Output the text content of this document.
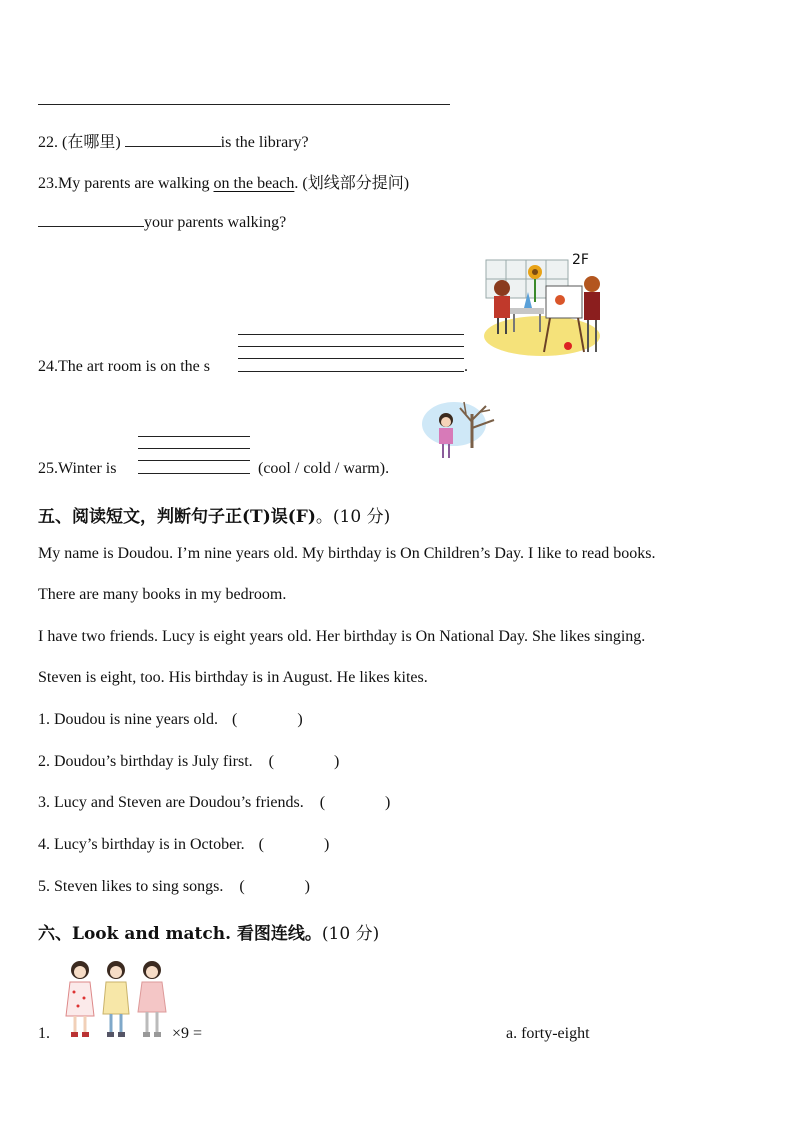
22. (在哪里)	is the library?
23.My parents are walking on the beach. (划线部分提问)
your parents walking?
2F
24.The art room is on the s	.
25.Winter is	(cool / cold / warm).
五、阅读短文，判断句子正(T)误(F)。(10 分)
My name is Doudou. I’m nine years old. My birthday is On Children’s Day. I like to read books.
There are many books in my bedroom.
I have two friends. Lucy is eight years old. Her birthday is On National Day. She likes singing.
Steven is eight, too. His birthday is in August. He likes kites.
1. Doudou is nine years old. (	)
2. Doudou’s birthday is July first. (	)
3. Lucy and Steven are Doudou’s friends. (	)
4. Lucy’s birthday is in October. (	)
5. Steven likes to sing songs. (	)
六、Look and match. 看图连线。(10 分)
1.	×9 =	a. forty-eight
